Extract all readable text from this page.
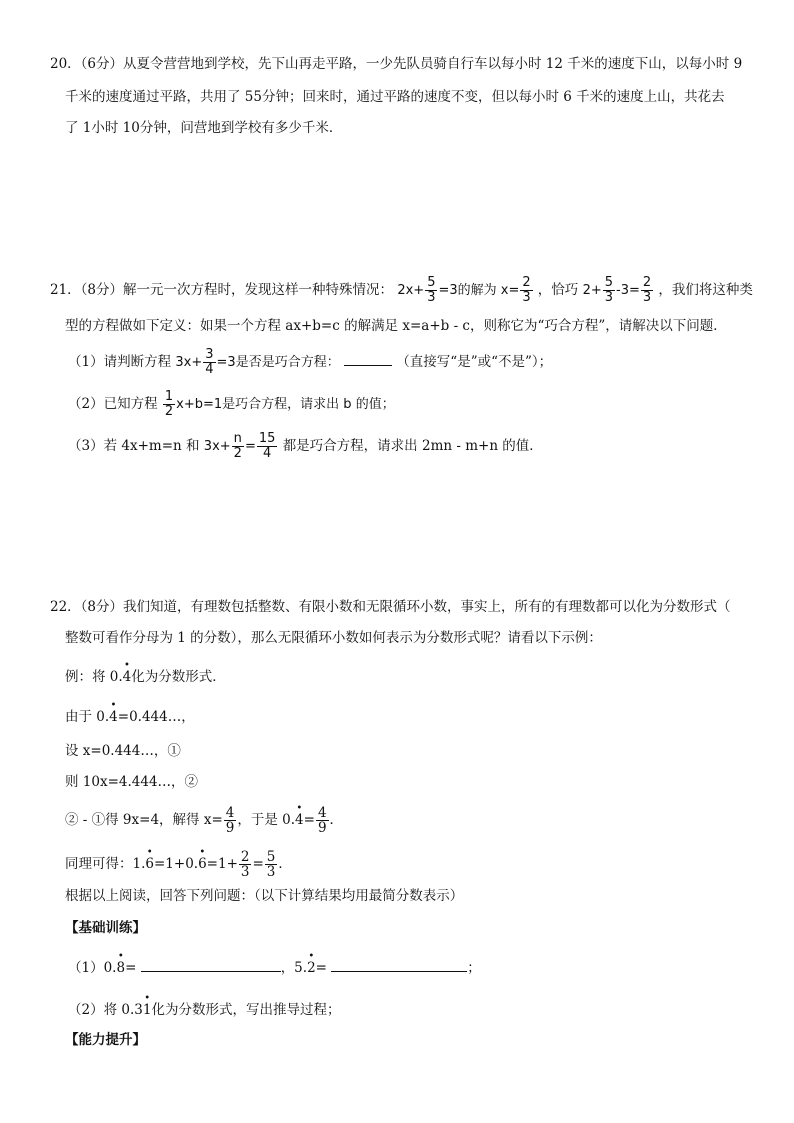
20．（6分）从夏令营营地到学校，先下山再走平路，一少先队员骑自行车以每小时 12 千米的速度下山，以每小时 9
千米的速度通过平路，共用了 55分钟；回来时，通过平路的速度不变，但以每小时 6 千米的速度上山，共花去
了 1小时 10分钟，问营地到学校有多少千米．
21．（8分）解一元一次方程时，发现这样一种特殊情况： $2x+ \frac{5}{3} =3$的解为 $x= \frac{2}{3}$ ，恰巧 $2+ \frac{5}{3} -3= \frac{2}{3}$ ，我们将这种类
型的方程做如下定义：如果一个方程 ax+b=c 的解满足 x=a+b - c，则称它为“巧合方程”，请解决以下问题．
（1）请判断方程 $3x+ \frac{3}{4} =3$是否是巧合方程：	（直接写“是”或“不是”）；
（2）已知方程 $\frac{1}{2} x+b=1$是巧合方程，请求出 b 的值；
（3）若 4x+m=n 和 $3x+ \frac{n}{2} = \frac{15}{4}$ 都是巧合方程，请求出 2mn - m+n 的值．
22．（8分）我们知道，有理数包括整数、有限小数和无限循环小数，事实上，所有的有理数都可以化为分数形式（
整数可看作分母为 1 的分数），那么无限循环小数如何表示为分数形式呢？请看以下示例：
例：将 0.• 4化为分数形式．
由于 0.• 4=0.444…，
设 x=0.444…，①
则 10x=4.444…，②
② - ①得 9x=4，解得 $x= \frac{4}{9}$ ，于是 0.• $4= \frac{4}{9}$ ．
同理可得：1.• 6=1+0.• $6=1+ \frac{2}{3} = \frac{5}{3}$ ．
根据以上阅读，回答下列问题：（以下计算结果均用最简分数表示）
【基础训练】
（1）0.• 8=	，5.• 2=	；
（2）将 0.3• 1化为分数形式，写出推导过程；
【能力提升】
